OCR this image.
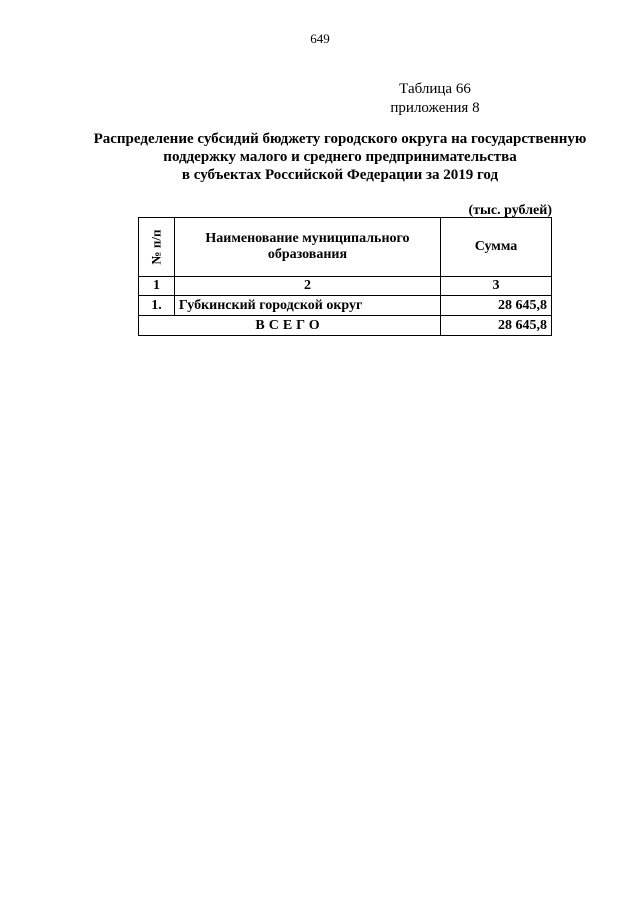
649
Таблица 66
приложения 8
Распределение субсидий бюджету городского округа на государственную
поддержку малого и среднего предпринимательства
в субъектах Российской Федерации за 2019 год
(тыс. рублей)
№ п/п	Наименование муниципального образования	Сумма
1	2	3
1.	Губкинский городской округ	28 645,8
ВСЕГО		28 645,8
